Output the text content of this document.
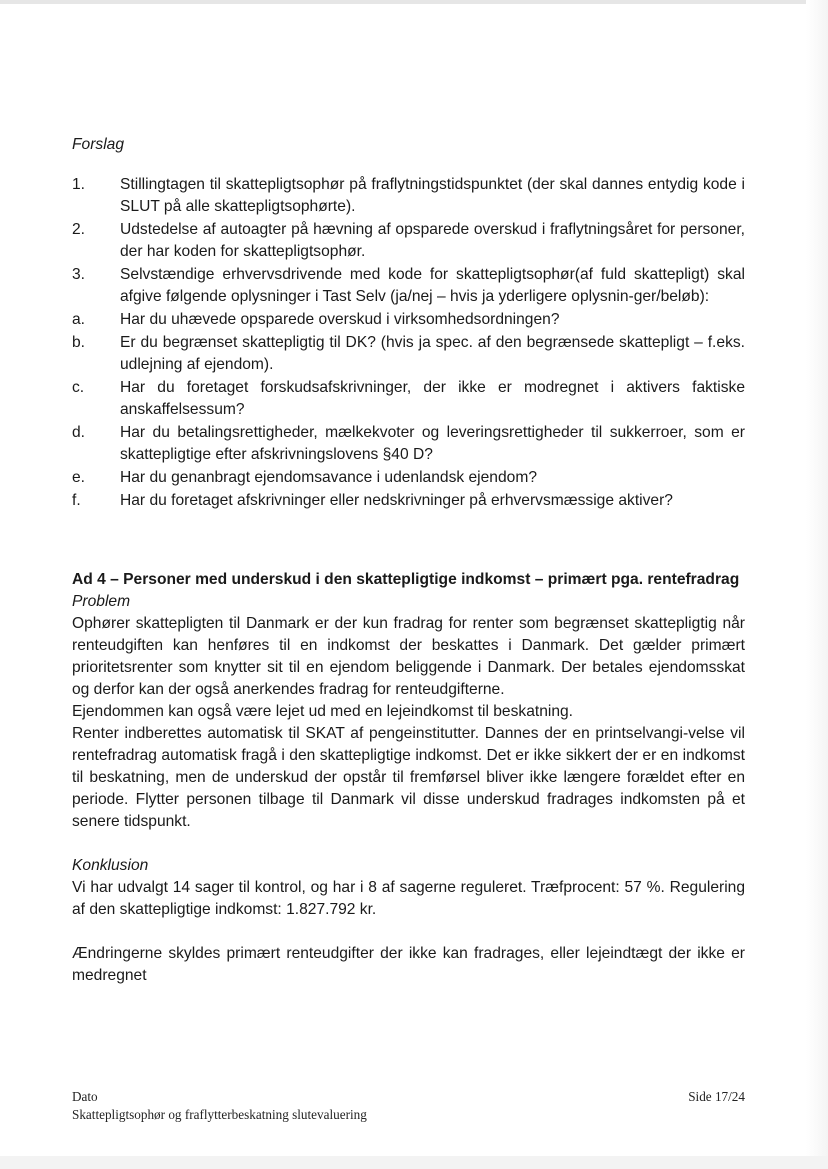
Forslag
1.	Stillingtagen til skattepligtsophør på fraflytningstidspunktet (der skal dannes entydig kode i SLUT på alle skattepligtsophørte).
2.	Udstedelse af autoagter på hævning af opsparede overskud i fraflytningsåret for personer, der har koden for skattepligtsophør.
3.	Selvstændige erhvervsdrivende med kode for skattepligtsophør(af fuld skattepligt) skal afgive følgende oplysninger i Tast Selv (ja/nej – hvis ja yderligere oplysnin-ger/beløb):
a.	Har du uhævede opsparede overskud i virksomhedsordningen?
b.	Er du begrænset skattepligtig til DK? (hvis ja spec. af den begrænsede skattepligt – f.eks. udlejning af ejendom).
c.	Har du foretaget forskudsafskrivninger, der ikke er modregnet i aktivers faktiske anskaffelsessum?
d.	Har du betalingsrettigheder, mælkekvoter og leveringsrettigheder til sukkerroer, som er skattepligtige efter afskrivningslovens §40 D?
e.	Har du genanbragt ejendomsavance i udenlandsk ejendom?
f.	Har du foretaget afskrivninger eller nedskrivninger på erhvervsmæssige aktiver?

Ad 4 – Personer med underskud i den skattepligtige indkomst – primært pga. rentefradrag

Problem

Ophører skattepligten til Danmark er der kun fradrag for renter som begrænset skattepligtig når renteudgiften kan henføres til en indkomst der beskattes i Danmark. Det gælder primært prioritetsrenter som knytter sit til en ejendom beliggende i Danmark. Der betales ejendomsskat og derfor kan der også anerkendes fradrag for renteudgifterne.

Ejendommen kan også være lejet ud med en lejeindkomst til beskatning.

Renter indberettes automatisk til SKAT af pengeinstitutter. Dannes der en printselvangi-velse vil rentefradrag automatisk fragå i den skattepligtige indkomst. Det er ikke sikkert der er en indkomst til beskatning, men de underskud der opstår til fremførsel bliver ikke længere forældet efter en periode. Flytter personen tilbage til Danmark vil disse underskud fradrages indkomsten på et senere tidspunkt.

Konklusion

Vi har udvalgt 14 sager til kontrol, og har i 8 af sagerne reguleret. Træfprocent: 57 %. Regulering af den skattepligtige indkomst: 1.827.792 kr.

Ændringerne skyldes primært renteudgifter der ikke kan fradrages, eller lejeindtægt der ikke er medregnet

Dato
Skattepligtsophør og fraflytterbeskatning slutevaluering
Side 17/24
